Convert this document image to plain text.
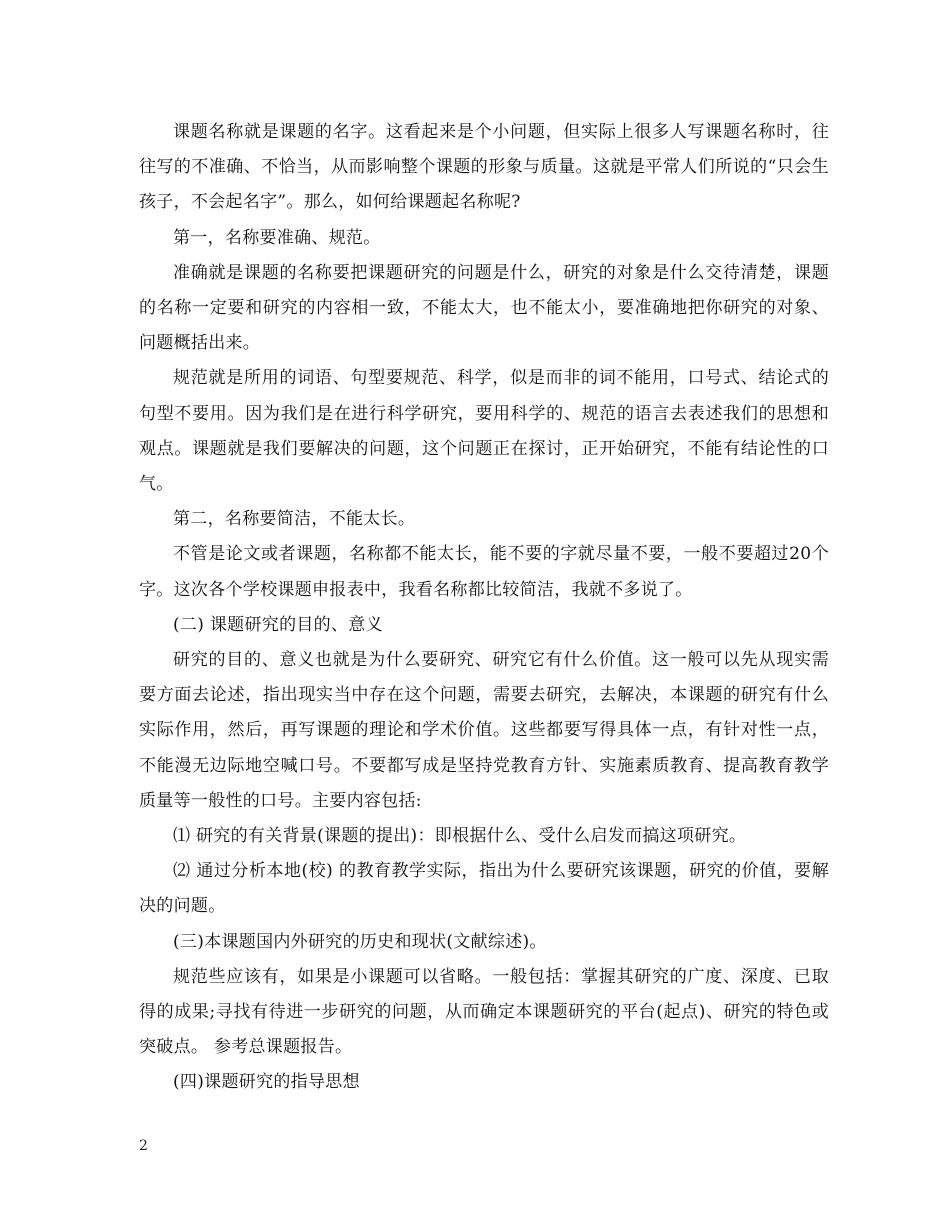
课题名称就是课题的名字。这看起来是个小问题，但实际上很多人写课题名称时，往往写的不准确、不恰当，从而影响整个课题的形象与质量。这就是平常人们所说的“只会生孩子，不会起名字”。那么，如何给课题起名称呢?

第一，名称要准确、规范。

准确就是课题的名称要把课题研究的问题是什么，研究的对象是什么交待清楚，课题的名称一定要和研究的内容相一致，不能太大，也不能太小，要准确地把你研究的对象、问题概括出来。

规范就是所用的词语、句型要规范、科学，似是而非的词不能用，口号式、结论式的句型不要用。因为我们是在进行科学研究，要用科学的、规范的语言去表述我们的思想和观点。课题就是我们要解决的问题，这个问题正在探讨，正开始研究，不能有结论性的口气。

第二，名称要简洁，不能太长。

不管是论文或者课题，名称都不能太长，能不要的字就尽量不要，一般不要超过20个字。这次各个学校课题申报表中，我看名称都比较简洁，我就不多说了。

(二) 课题研究的目的、意义

研究的目的、意义也就是为什么要研究、研究它有什么价值。这一般可以先从现实需要方面去论述，指出现实当中存在这个问题，需要去研究，去解决，本课题的研究有什么实际作用，然后，再写课题的理论和学术价值。这些都要写得具体一点，有针对性一点，不能漫无边际地空喊口号。不要都写成是坚持党教育方针、实施素质教育、提高教育教学质量等一般性的口号。主要内容包括:

⑴ 研究的有关背景(课题的提出)：即根据什么、受什么启发而搞这项研究。

⑵ 通过分析本地(校) 的教育教学实际，指出为什么要研究该课题，研究的价值，要解决的问题。

(三)本课题国内外研究的历史和现状(文献综述)。

规范些应该有，如果是小课题可以省略。一般包括：掌握其研究的广度、深度、已取得的成果;寻找有待进一步研究的问题，从而确定本课题研究的平台(起点)、研究的特色或突破点。 参考总课题报告。

(四)课题研究的指导思想

2
